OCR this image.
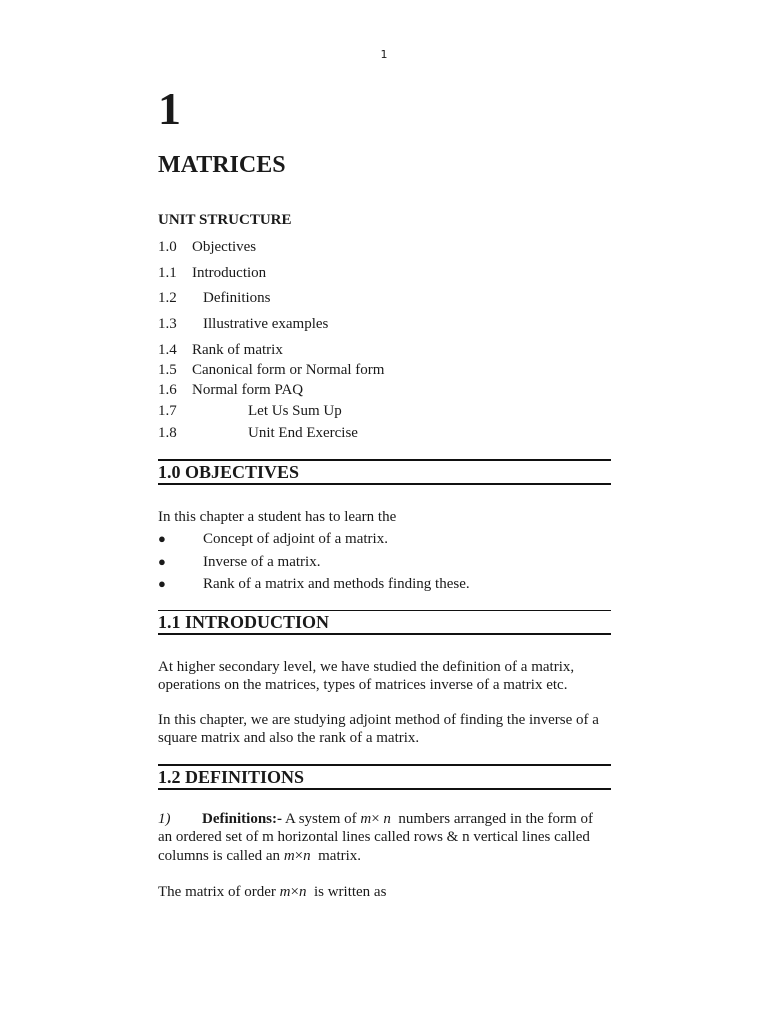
1
1
MATRICES
UNIT STRUCTURE
1.0 Objectives
1.1 Introduction
1.2 Definitions
1.3 Illustrative examples
1.4 Rank of matrix
1.5 Canonical form or Normal form
1.6 Normal form PAQ
1.7	Let Us Sum Up
1.8	Unit End Exercise
1.0 OBJECTIVES
In this chapter a student has to learn the
● Concept of adjoint of a matrix.
● Inverse of a matrix.
● Rank of a matrix and methods finding these.
1.1 INTRODUCTION
At higher secondary level, we have studied the definition of a matrix,
operations on the matrices, types of matrices inverse of a matrix etc.
In this chapter, we are studying adjoint method of finding the inverse of a
square matrix and also the rank of a matrix.
1.2 DEFINITIONS
1) Definitions:- A system of m× n numbers arranged in the form of
an ordered set of m horizontal lines called rows & n vertical lines called
columns is called an m×n matrix.
The matrix of order m×n is written as
